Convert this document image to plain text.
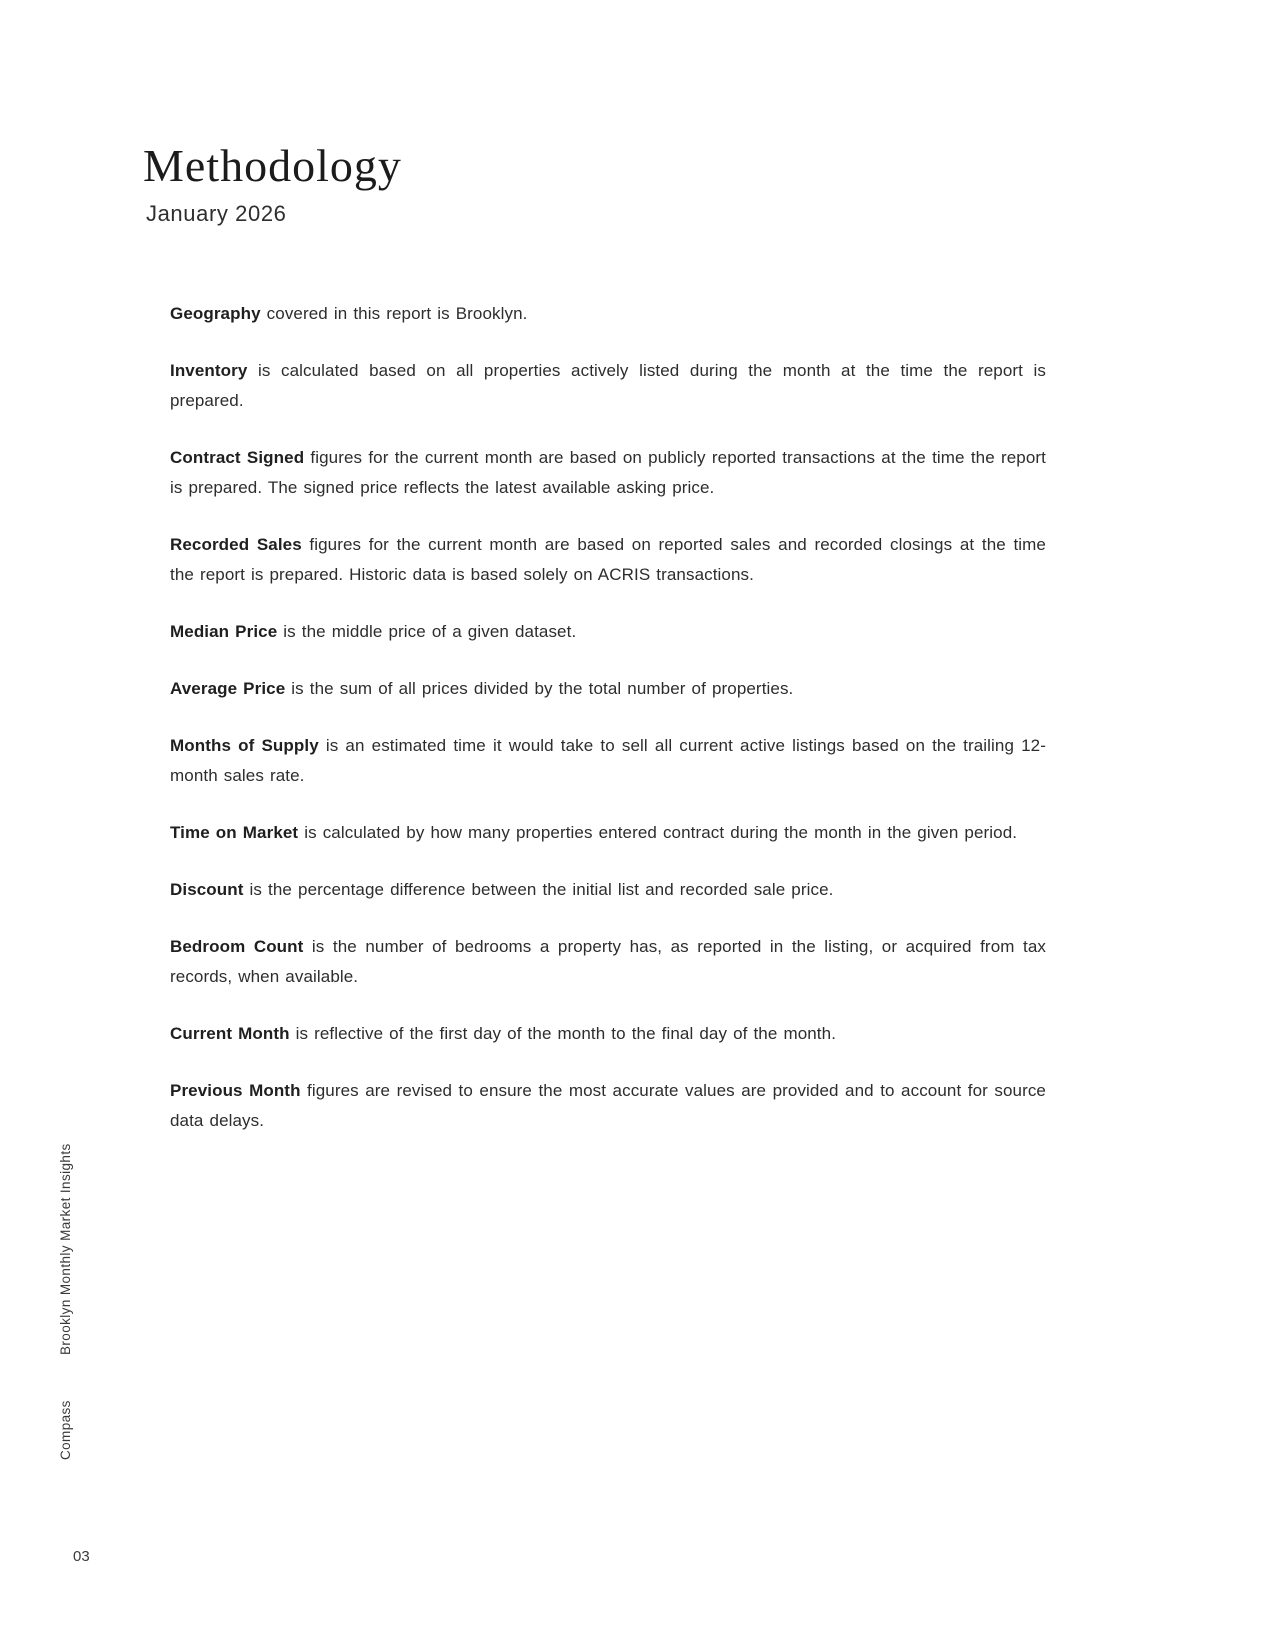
Methodology
January 2026

Geography covered in this report is Brooklyn.

Inventory is calculated based on all properties actively listed during the month at the time the report is prepared.

Contract Signed figures for the current month are based on publicly reported transactions at the time the report is prepared. The signed price reflects the latest available asking price.

Recorded Sales figures for the current month are based on reported sales and recorded closings at the time the report is prepared. Historic data is based solely on ACRIS transactions.

Median Price is the middle price of a given dataset.

Average Price is the sum of all prices divided by the total number of properties.

Months of Supply is an estimated time it would take to sell all current active listings based on the trailing 12-month sales rate.

Time on Market is calculated by how many properties entered contract during the month in the given period.

Discount is the percentage difference between the initial list and recorded sale price.

Bedroom Count is the number of bedrooms a property has, as reported in the listing, or acquired from tax records, when available.

Current Month is reflective of the first day of the month to the final day of the month.

Previous Month figures are revised to ensure the most accurate values are provided and to account for source data delays.

Brooklyn Monthly Market Insights
Compass
03
